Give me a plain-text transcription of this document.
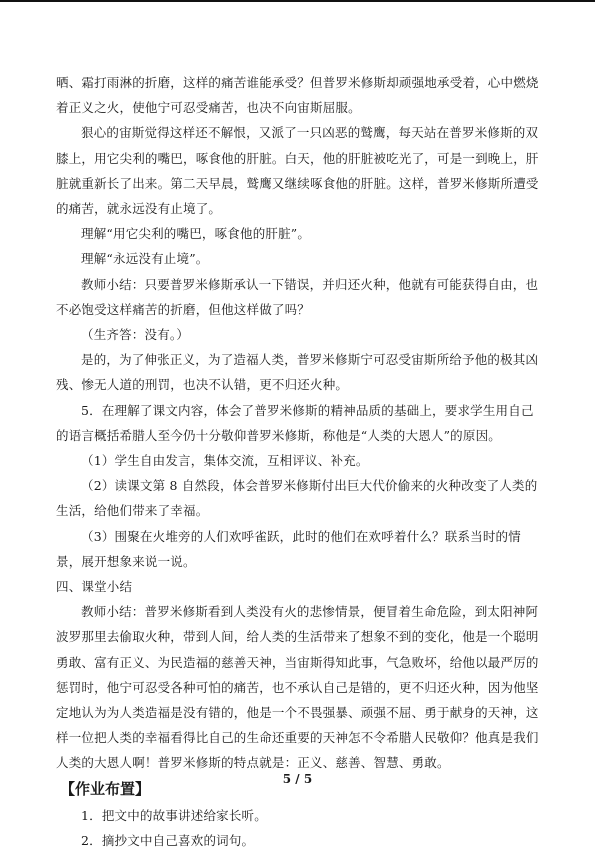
晒、霜打雨淋的折磨，这样的痛苦谁能承受？但普罗米修斯却顽强地承受着，心中燃烧着正义之火，使他宁可忍受痛苦，也决不向宙斯屈服。

狠心的宙斯觉得这样还不解恨，又派了一只凶恶的鹫鹰，每天站在普罗米修斯的双膝上，用它尖利的嘴巴，啄食他的肝脏。白天，他的肝脏被吃光了，可是一到晚上，肝脏就重新长了出来。第二天早晨，鹫鹰又继续啄食他的肝脏。这样，普罗米修斯所遭受的痛苦，就永远没有止境了。

理解“用它尖利的嘴巴，啄食他的肝脏”。

理解“永远没有止境”。

教师小结：只要普罗米修斯承认一下错误，并归还火种，他就有可能获得自由，也不必饱受这样痛苦的折磨，但他这样做了吗？

（生齐答：没有。）

是的，为了伸张正义，为了造福人类，普罗米修斯宁可忍受宙斯所给予他的极其凶残、惨无人道的刑罚，也决不认错，更不归还火种。

5．在理解了课文内容，体会了普罗米修斯的精神品质的基础上，要求学生用自己的语言概括希腊人至今仍十分敬仰普罗米修斯，称他是“人类的大恩人”的原因。

（1）学生自由发言，集体交流，互相评议、补充。

（2）读课文第 8 自然段，体会普罗米修斯付出巨大代价偷来的火种改变了人类的生活，给他们带来了幸福。

（3）围聚在火堆旁的人们欢呼雀跃，此时的他们在欢呼着什么？联系当时的情景，展开想象来说一说。

四、课堂小结

教师小结：普罗米修斯看到人类没有火的悲惨情景，便冒着生命危险，到太阳神阿波罗那里去偷取火种，带到人间，给人类的生活带来了想象不到的变化，他是一个聪明勇敢、富有正义、为民造福的慈善天神，当宙斯得知此事，气急败坏，给他以最严厉的惩罚时，他宁可忍受各种可怕的痛苦，也不承认自己是错的，更不归还火种，因为他坚定地认为为人类造福是没有错的，他是一个不畏强暴、顽强不屈、勇于献身的天神，这样一位把人类的幸福看得比自己的生命还重要的天神怎不令希腊人民敬仰？他真是我们人类的大恩人啊！普罗米修斯的特点就是：正义、慈善、智慧、勇敢。

【作业布置】

1．把文中的故事讲述给家长听。

2．摘抄文中自己喜欢的词句。

5 / 5
